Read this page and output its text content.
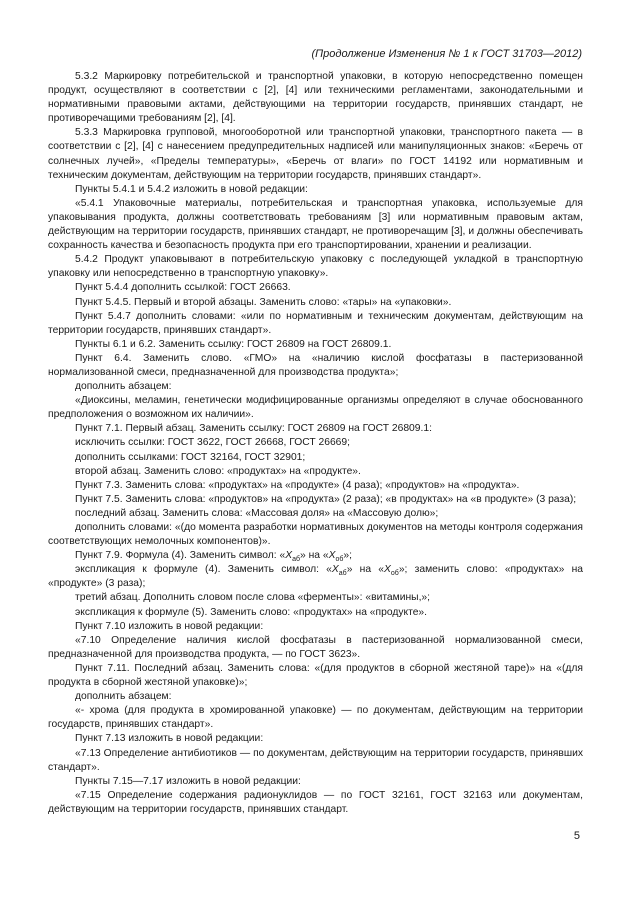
(Продолжение Изменения № 1 к ГОСТ 31703—2012)

5.3.2 Маркировку потребительской и транспортной упаковки, в которую непосредственно помещен продукт, осуществляют в соответствии с [2], [4] или техническими регламентами, законодательными и нормативными правовыми актами, действующими на территории государств, принявших стандарт, не противоречащими требованиям [2], [4].

5.3.3 Маркировка групповой, многооборотной или транспортной упаковки, транспортного пакета — в соответствии с [2], [4] с нанесением предупредительных надписей или манипуляционных знаков: «Беречь от солнечных лучей», «Пределы температуры», «Беречь от влаги» по ГОСТ 14192 или нормативным и техническим документам, действующим на территории государств, принявших стандарт».

Пункты 5.4.1 и 5.4.2 изложить в новой редакции:

«5.4.1 Упаковочные материалы, потребительская и транспортная упаковка, используемые для упаковывания продукта, должны соответствовать требованиям [3] или нормативным правовым актам, действующим на территории государств, принявших стандарт, не противоречащим [3], и должны обеспечивать сохранность качества и безопасность продукта при его транспортировании, хранении и реализации.

5.4.2 Продукт упаковывают в потребительскую упаковку с последующей укладкой в транспортную упаковку или непосредственно в транспортную упаковку».

Пункт 5.4.4 дополнить ссылкой: ГОСТ 26663.

Пункт 5.4.5. Первый и второй абзацы. Заменить слово: «тары» на «упаковки».

Пункт 5.4.7 дополнить словами: «или по нормативным и техническим документам, действующим на территории государств, принявших стандарт».

Пункты 6.1 и 6.2. Заменить ссылку: ГОСТ 26809 на ГОСТ 26809.1.

Пункт 6.4. Заменить слово. «ГМО» на «наличию кислой фосфатазы в пастеризованной нормализованной смеси, предназначенной для производства продукта»;

дополнить абзацем:

«Диоксины, меламин, генетически модифицированные организмы определяют в случае обоснованного предположения о возможном их наличии».

Пункт 7.1. Первый абзац. Заменить ссылку: ГОСТ 26809 на ГОСТ 26809.1:

исключить ссылки: ГОСТ 3622, ГОСТ 26668, ГОСТ 26669;

дополнить ссылками: ГОСТ 32164, ГОСТ 32901;

второй абзац. Заменить слово: «продуктах» на «продукте».

Пункт 7.3. Заменить слова: «продуктах» на «продукте» (4 раза); «продуктов» на «продукта».

Пункт 7.5. Заменить слова: «продуктов» на «продукта» (2 раза); «в продуктах» на «в продукте» (3 раза);

последний абзац. Заменить слова: «Массовая доля» на «Массовую долю»;

дополнить словами: «(до момента разработки нормативных документов на методы контроля содержания соответствующих немолочных компонентов)».

Пункт 7.9. Формула (4). Заменить символ: «$X_{aб}$» на «$X_{oб}$»;

экспликация к формуле (4). Заменить символ: «$X_{aб}$» на «$X_{oб}$»; заменить слово: «продуктах» на «продукте» (3 раза);

третий абзац. Дополнить словом после слова «ферменты»: «витамины,»;

экспликация к формуле (5). Заменить слово: «продуктах» на «продукте».

Пункт 7.10 изложить в новой редакции:

«7.10 Определение наличия кислой фосфатазы в пастеризованной нормализованной смеси, предназначенной для производства продукта, — по ГОСТ 3623».

Пункт 7.11. Последний абзац. Заменить слова: «(для продуктов в сборной жестяной таре)» на «(для продукта в сборной жестяной упаковке)»;

дополнить абзацем:

«- хрома (для продукта в хромированной упаковке) — по документам, действующим на территории государств, принявших стандарт».

Пункт 7.13 изложить в новой редакции:

«7.13 Определение антибиотиков — по документам, действующим на территории государств, принявших стандарт».

Пункты 7.15—7.17 изложить в новой редакции:

«7.15 Определение содержания радионуклидов — по ГОСТ 32161, ГОСТ 32163 или документам, действующим на территории государств, принявших стандарт.

5
